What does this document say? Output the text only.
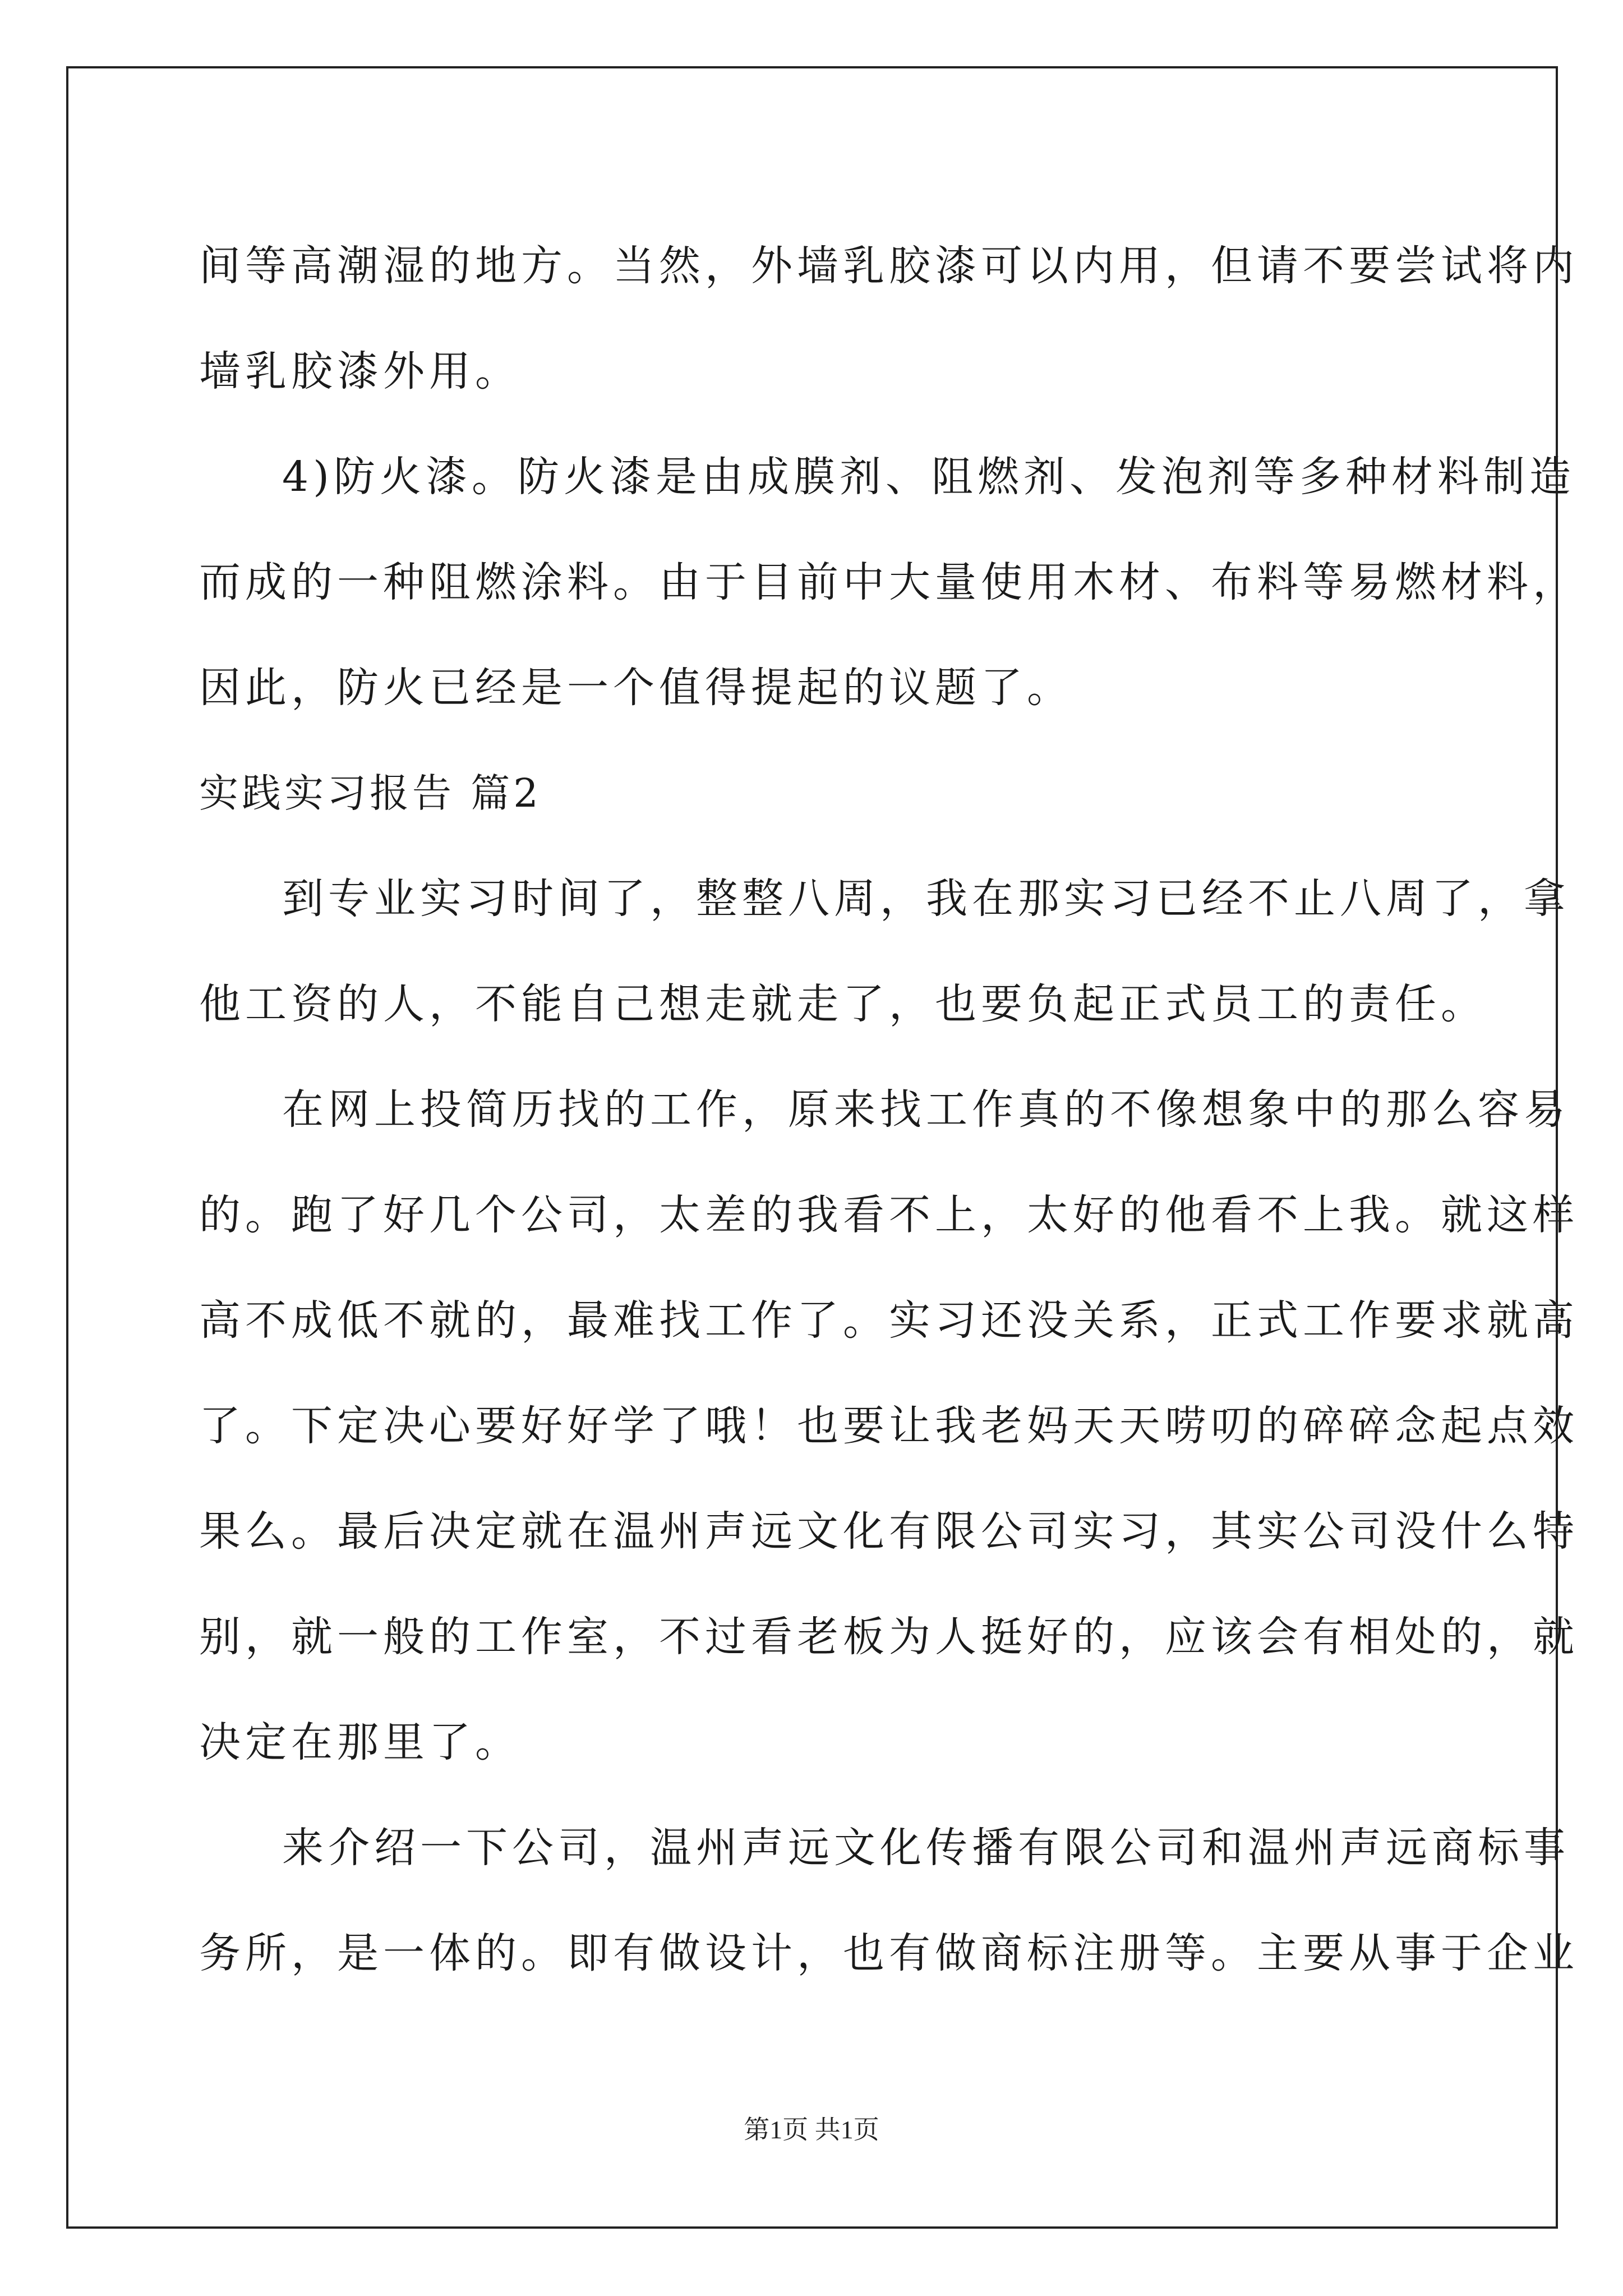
间等高潮湿的地方。当然，外墙乳胶漆可以内用，但请不要尝试将内
墙乳胶漆外用。
4)防火漆。防火漆是由成膜剂、阻燃剂、发泡剂等多种材料制造
而成的一种阻燃涂料。由于目前中大量使用木材、布料等易燃材料，
因此，防火已经是一个值得提起的议题了。
实践实习报告 篇2
到专业实习时间了，整整八周，我在那实习已经不止八周了，拿
他工资的人，不能自己想走就走了，也要负起正式员工的责任。
在网上投简历找的工作，原来找工作真的不像想象中的那么容易
的。跑了好几个公司，太差的我看不上，太好的他看不上我。就这样
高不成低不就的，最难找工作了。实习还没关系，正式工作要求就高
了。下定决心要好好学了哦！也要让我老妈天天唠叨的碎碎念起点效
果么。最后决定就在温州声远文化有限公司实习，其实公司没什么特
别，就一般的工作室，不过看老板为人挺好的，应该会有相处的，就
决定在那里了。
来介绍一下公司，温州声远文化传播有限公司和温州声远商标事
务所，是一体的。即有做设计，也有做商标注册等。主要从事于企业
第1页 共1页
